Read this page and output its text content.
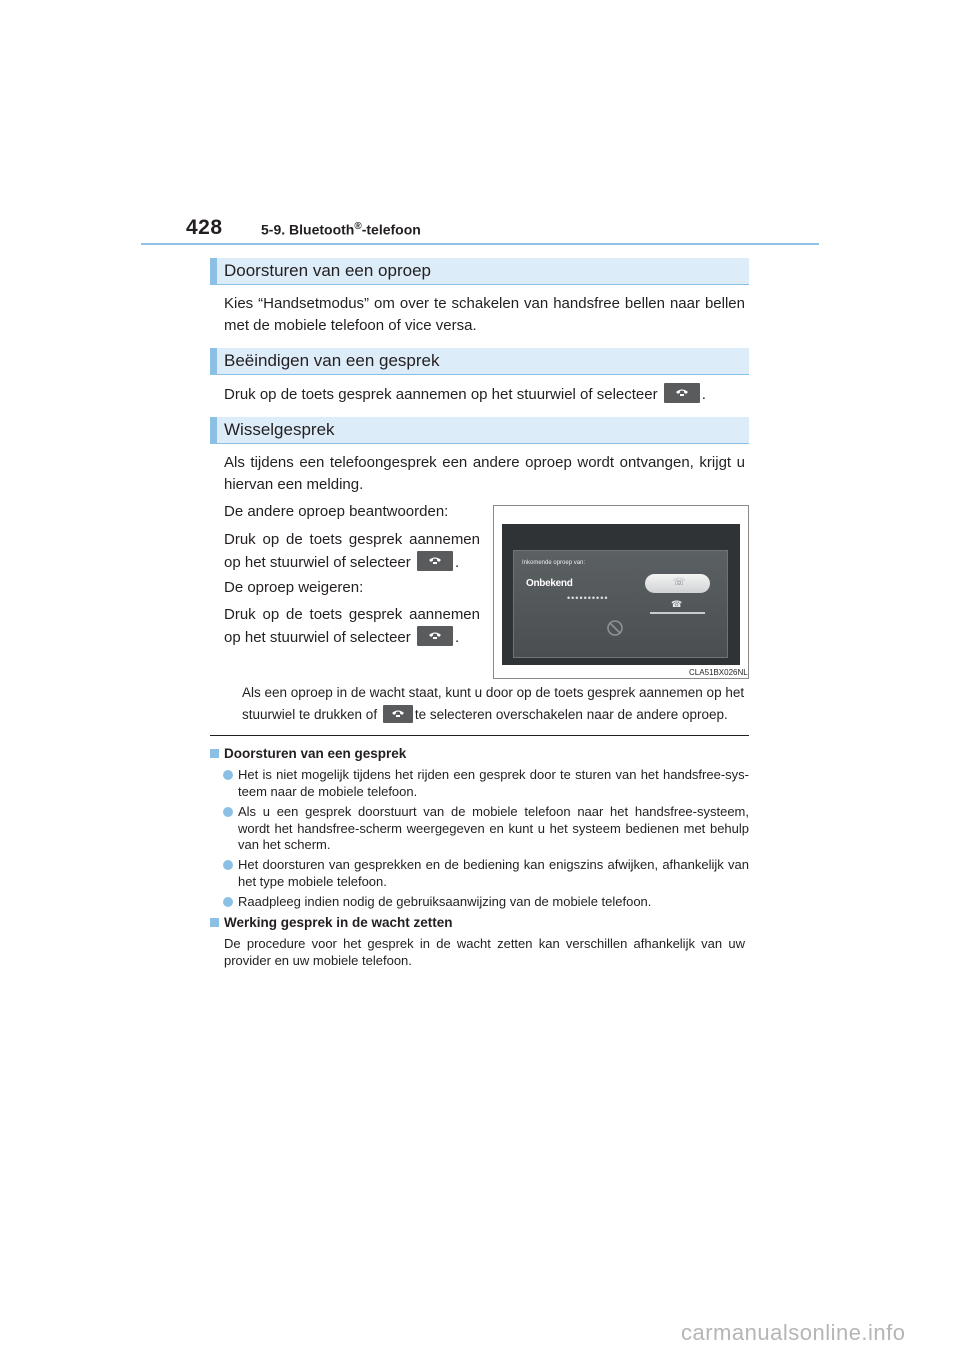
428	5-9. Bluetooth®-telefoon
Doorsturen van een oproep
Kies “Handsetmodus” om over te schakelen van handsfree bellen naar bellen met de mobiele telefoon of vice versa.
Beëindigen van een gesprek
Druk op de toets gesprek aannemen op het stuurwiel of selecteer	.
Wisselgesprek
Als tijdens een telefoongesprek een andere oproep wordt ontvangen, krijgt u hiervan een melding.
De andere oproep beantwoorden:
Druk op de toets gesprek aannemen op het stuurwiel of selecteer	.
De oproep weigeren:
Druk op de toets gesprek aannemen op het stuurwiel of selecteer	.
Inkomende oproep van:
Onbekend
••••••••••
☏
☎
CLA51BX026NL
Als een oproep in de wacht staat, kunt u door op de toets gesprek aannemen op het
stuurwiel te drukken of	te selecteren overschakelen naar de andere oproep.
Doorsturen van een gesprek
Het is niet mogelijk tijdens het rijden een gesprek door te sturen van het handsfree-sys- teem naar de mobiele telefoon.
Als u een gesprek doorstuurt van de mobiele telefoon naar het handsfree-systeem, wordt het handsfree-scherm weergegeven en kunt u het systeem bedienen met behulp van het scherm.
Het doorsturen van gesprekken en de bediening kan enigszins afwijken, afhankelijk van het type mobiele telefoon.
Raadpleeg indien nodig de gebruiksaanwijzing van de mobiele telefoon.
Werking gesprek in de wacht zetten
De procedure voor het gesprek in de wacht zetten kan verschillen afhankelijk van uw provider en uw mobiele telefoon.
carmanualsonline.info
